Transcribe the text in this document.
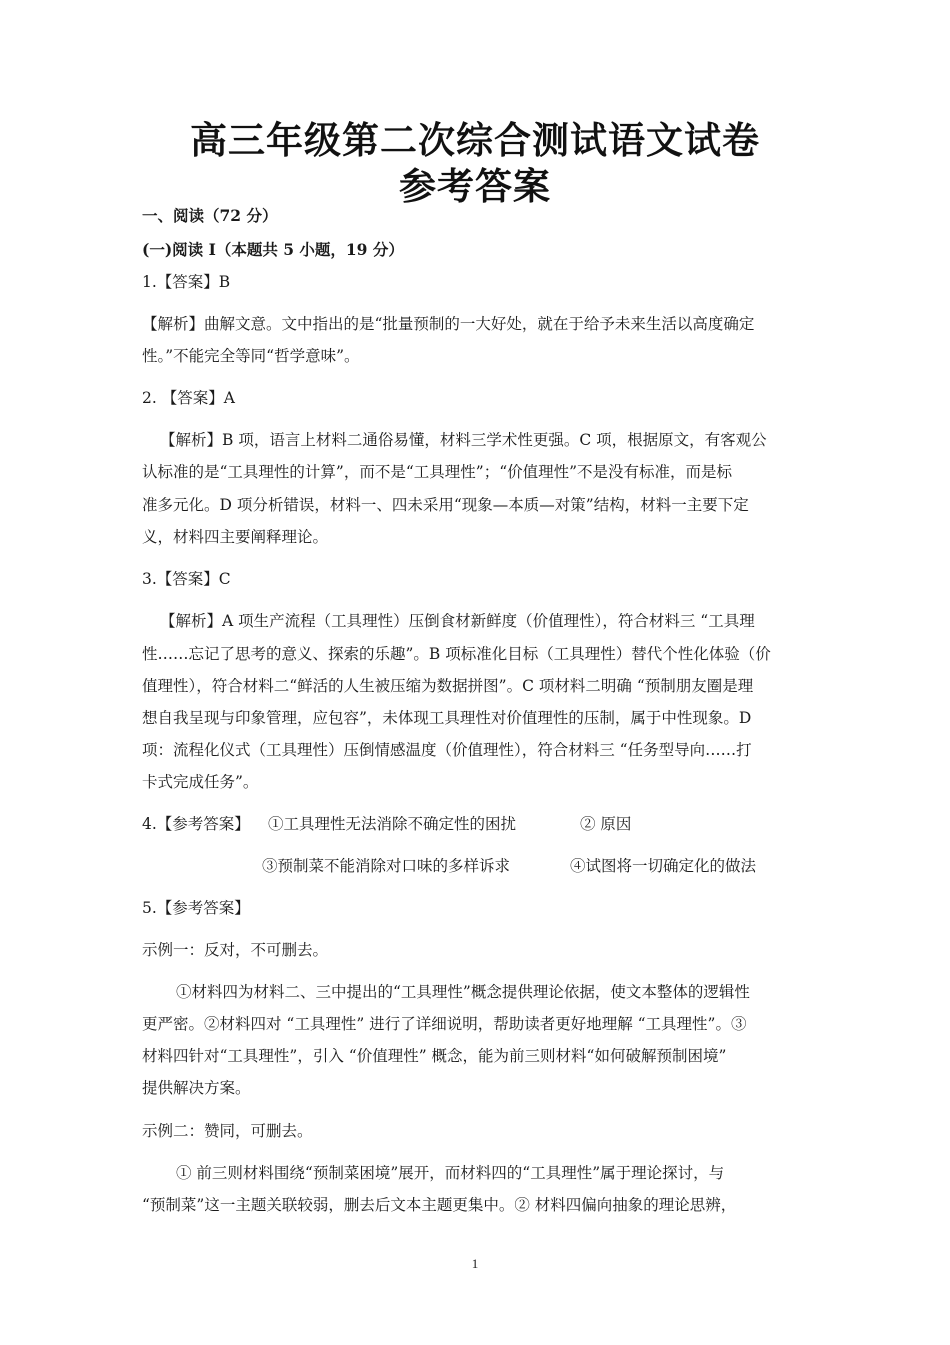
高三年级第二次综合测试语文试卷
参考答案
一、阅读（72 分）
(一)阅读 I（本题共 5 小题，19 分）
1.【答案】B
【解析】曲解文意。文中指出的是“批量预制的一大好处，就在于给予未来生活以高度确定
性。”不能完全等同“哲学意味”。
2. 【答案】A
【解析】B 项，语言上材料二通俗易懂，材料三学术性更强。C 项，根据原文，有客观公
认标准的是“工具理性的计算”，而不是“工具理性”；“价值理性”不是没有标准，而是标
准多元化。D 项分析错误，材料一、四未采用“现象—本质—对策”结构，材料一主要下定
义，材料四主要阐释理论。
3.【答案】C
【解析】A 项生产流程（工具理性）压倒食材新鲜度（价值理性），符合材料三 “工具理
性……忘记了思考的意义、探索的乐趣”。B 项标准化目标（工具理性）替代个性化体验（价
值理性），符合材料二“鲜活的人生被压缩为数据拼图”。C 项材料二明确 “预制朋友圈是理
想自我呈现与印象管理，应包容”，未体现工具理性对价值理性的压制，属于中性现象。D
项：流程化仪式（工具理性）压倒情感温度（价值理性），符合材料三 “任务型导向……打
卡式完成任务”。
4.【参考答案】 ①工具理性无法消除不确定性的困扰	② 原因
③预制菜不能消除对口味的多样诉求	④试图将一切确定化的做法
5.【参考答案】
示例一：反对，不可删去。
①材料四为材料二、三中提出的“工具理性”概念提供理论依据，使文本整体的逻辑性
更严密。②材料四对 “工具理性” 进行了详细说明，帮助读者更好地理解 “工具理性”。③
材料四针对“工具理性”，引入 “价值理性” 概念，能为前三则材料“如何破解预制困境”
提供解决方案。
示例二：赞同，可删去。
① 前三则材料围绕“预制菜困境”展开，而材料四的“工具理性”属于理论探讨，与
“预制菜”这一主题关联较弱，删去后文本主题更集中。② 材料四偏向抽象的理论思辨，
1
